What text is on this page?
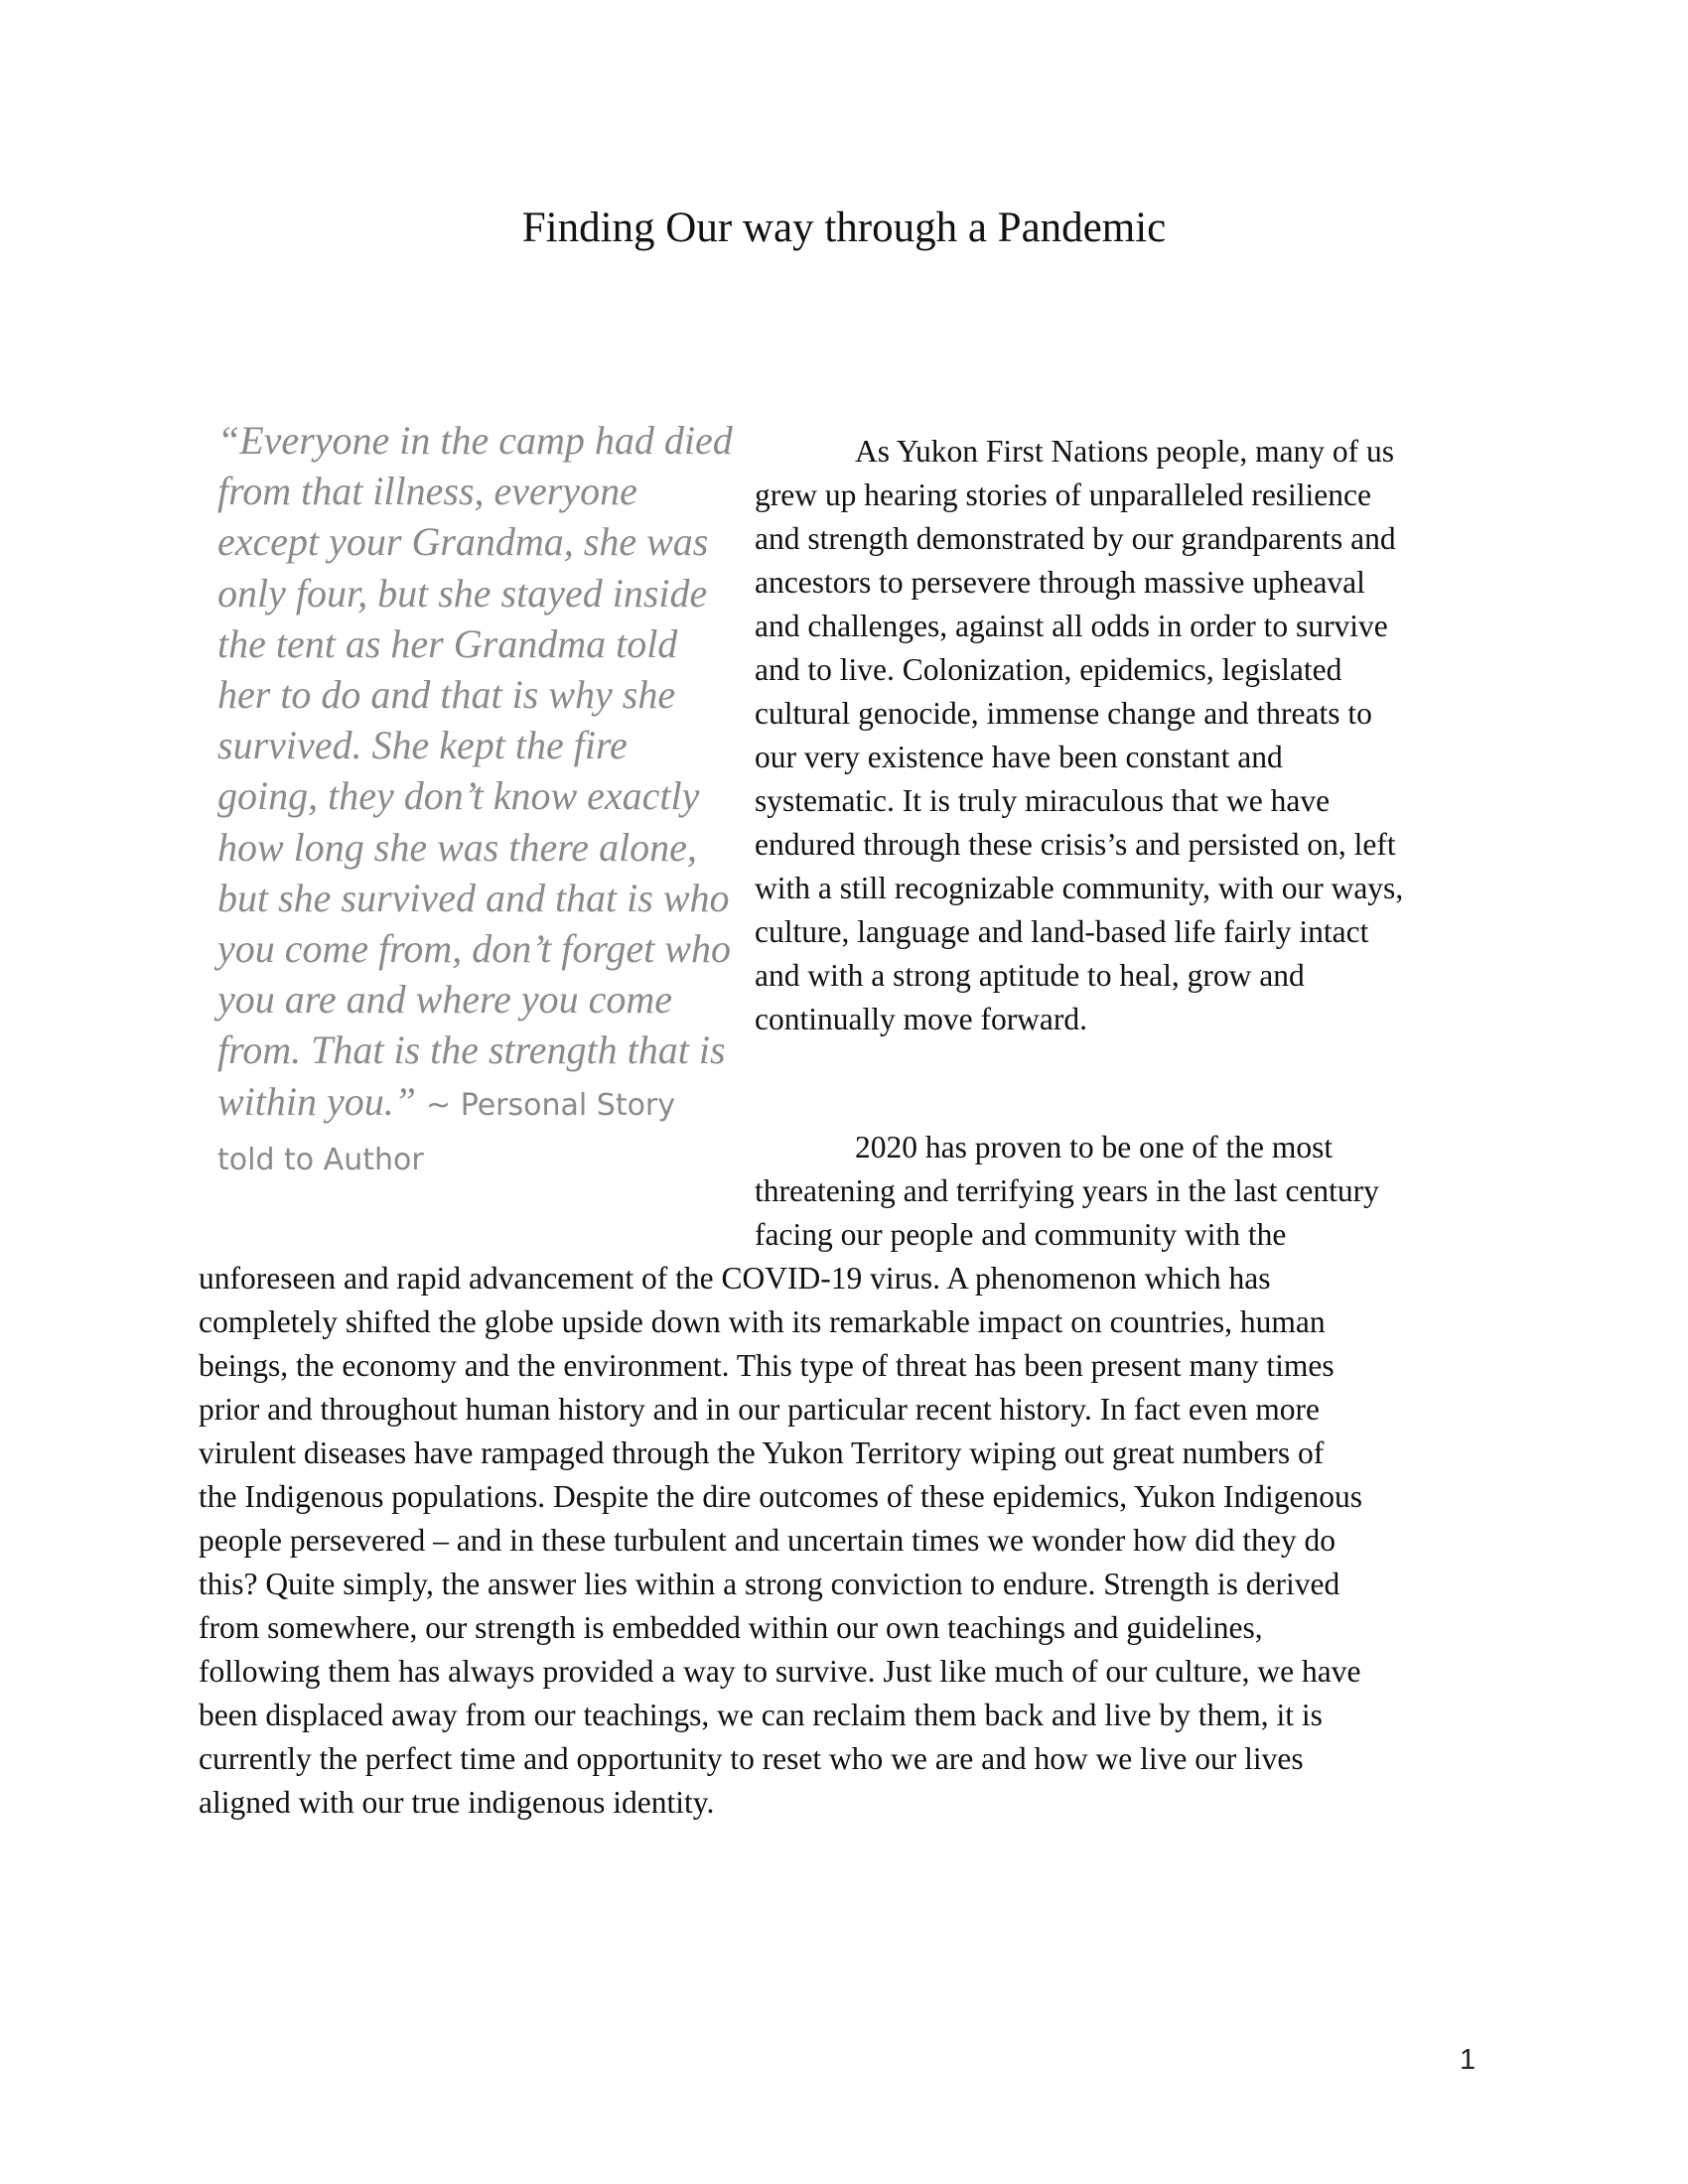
Finding Our way through a Pandemic

“Everyone in the camp had died from that illness, everyone except your Grandma, she was only four, but she stayed inside the tent as her Grandma told her to do and that is why she survived. She kept the fire going, they don’t know exactly how long she was there alone, but she survived and that is who you come from, don’t forget who you are and where you come from. That is the strength that is within you.” ~ Personal Story told to Author

As Yukon First Nations people, many of us
grew up hearing stories of unparalleled resilience
and strength demonstrated by our grandparents and
ancestors to persevere through massive upheaval
and challenges, against all odds in order to survive
and to live. Colonization, epidemics, legislated
cultural genocide, immense change and threats to
our very existence have been constant and
systematic. It is truly miraculous that we have
endured through these crisis’s and persisted on, left
with a still recognizable community, with our ways,
culture, language and land-based life fairly intact
and with a strong aptitude to heal, grow and
continually move forward.
2020 has proven to be one of the most
threatening and terrifying years in the last century
facing our people and community with the
unforeseen and rapid advancement of the COVID-19 virus. A phenomenon which has
completely shifted the globe upside down with its remarkable impact on countries, human
beings, the economy and the environment. This type of threat has been present many times
prior and throughout human history and in our particular recent history. In fact even more
virulent diseases have rampaged through the Yukon Territory wiping out great numbers of
the Indigenous populations. Despite the dire outcomes of these epidemics, Yukon Indigenous
people persevered – and in these turbulent and uncertain times we wonder how did they do
this? Quite simply, the answer lies within a strong conviction to endure. Strength is derived
from somewhere, our strength is embedded within our own teachings and guidelines,
following them has always provided a way to survive. Just like much of our culture, we have
been displaced away from our teachings, we can reclaim them back and live by them, it is
currently the perfect time and opportunity to reset who we are and how we live our lives
aligned with our true indigenous identity.
1
